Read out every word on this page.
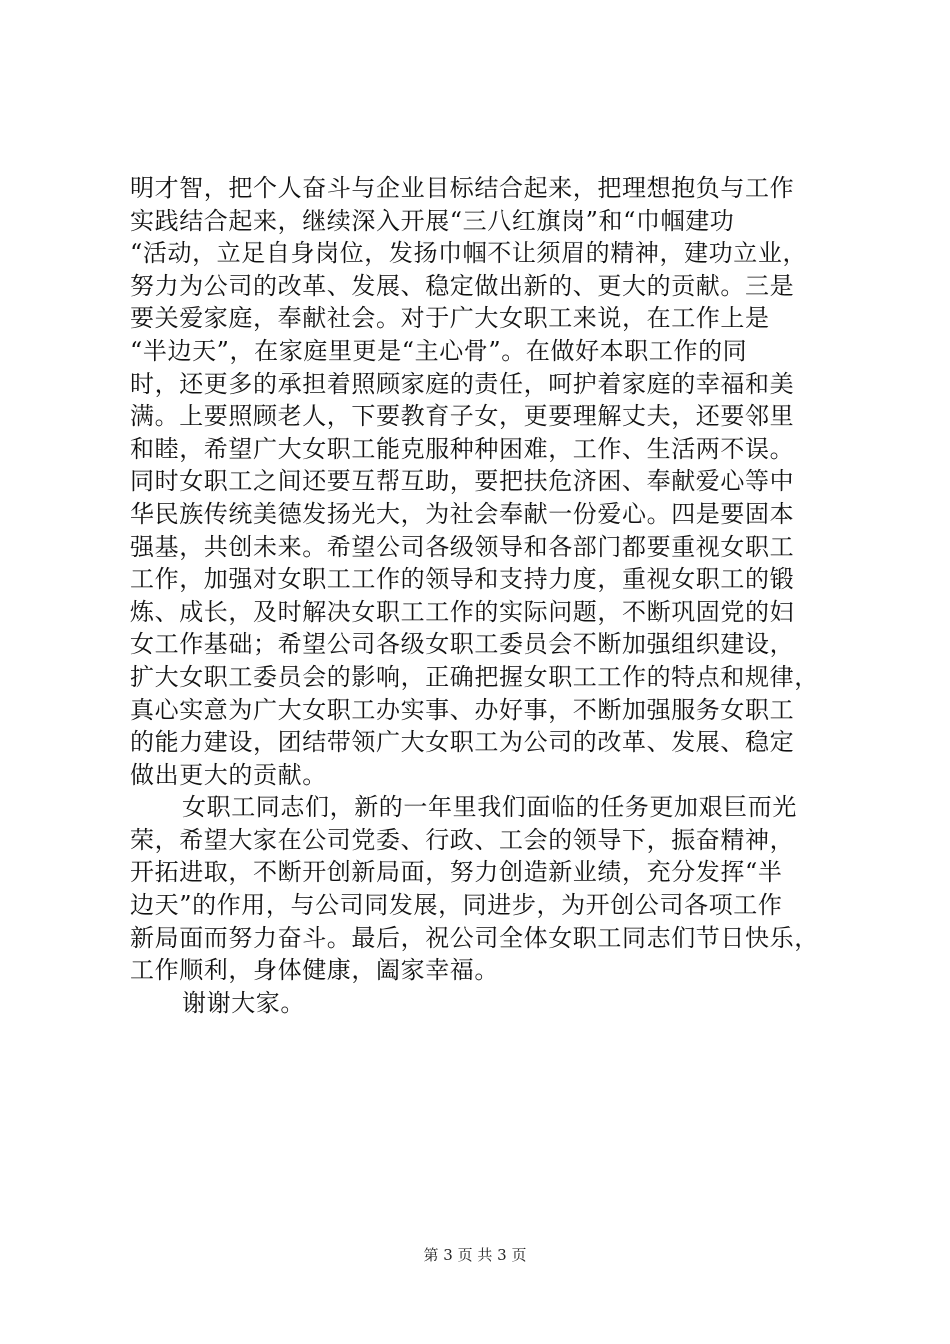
明才智，把个人奋斗与企业目标结合起来，把理想抱负与工作
实践结合起来，继续深入开展“三八红旗岗”和“巾帼建功
“活动，立足自身岗位，发扬巾帼不让须眉的精神，建功立业，
努力为公司的改革、发展、稳定做出新的、更大的贡献。三是
要关爱家庭，奉献社会。对于广大女职工来说，在工作上是
“半边天”，在家庭里更是“主心骨”。在做好本职工作的同
时，还更多的承担着照顾家庭的责任，呵护着家庭的幸福和美
满。上要照顾老人，下要教育子女，更要理解丈夫，还要邻里
和睦，希望广大女职工能克服种种困难，工作、生活两不误。
同时女职工之间还要互帮互助，要把扶危济困、奉献爱心等中
华民族传统美德发扬光大，为社会奉献一份爱心。四是要固本
强基，共创未来。希望公司各级领导和各部门都要重视女职工
工作，加强对女职工工作的领导和支持力度，重视女职工的锻
炼、成长，及时解决女职工工作的实际问题，不断巩固党的妇
女工作基础；希望公司各级女职工委员会不断加强组织建设，
扩大女职工委员会的影响，正确把握女职工工作的特点和规律，
真心实意为广大女职工办实事、办好事，不断加强服务女职工
的能力建设，团结带领广大女职工为公司的改革、发展、稳定
做出更大的贡献。
女职工同志们，新的一年里我们面临的任务更加艰巨而光
荣，希望大家在公司党委、行政、工会的领导下，振奋精神，
开拓进取，不断开创新局面，努力创造新业绩，充分发挥“半
边天”的作用，与公司同发展，同进步，为开创公司各项工作
新局面而努力奋斗。最后，祝公司全体女职工同志们节日快乐，
工作顺利，身体健康，阖家幸福。
谢谢大家。
第 3 页 共 3 页
